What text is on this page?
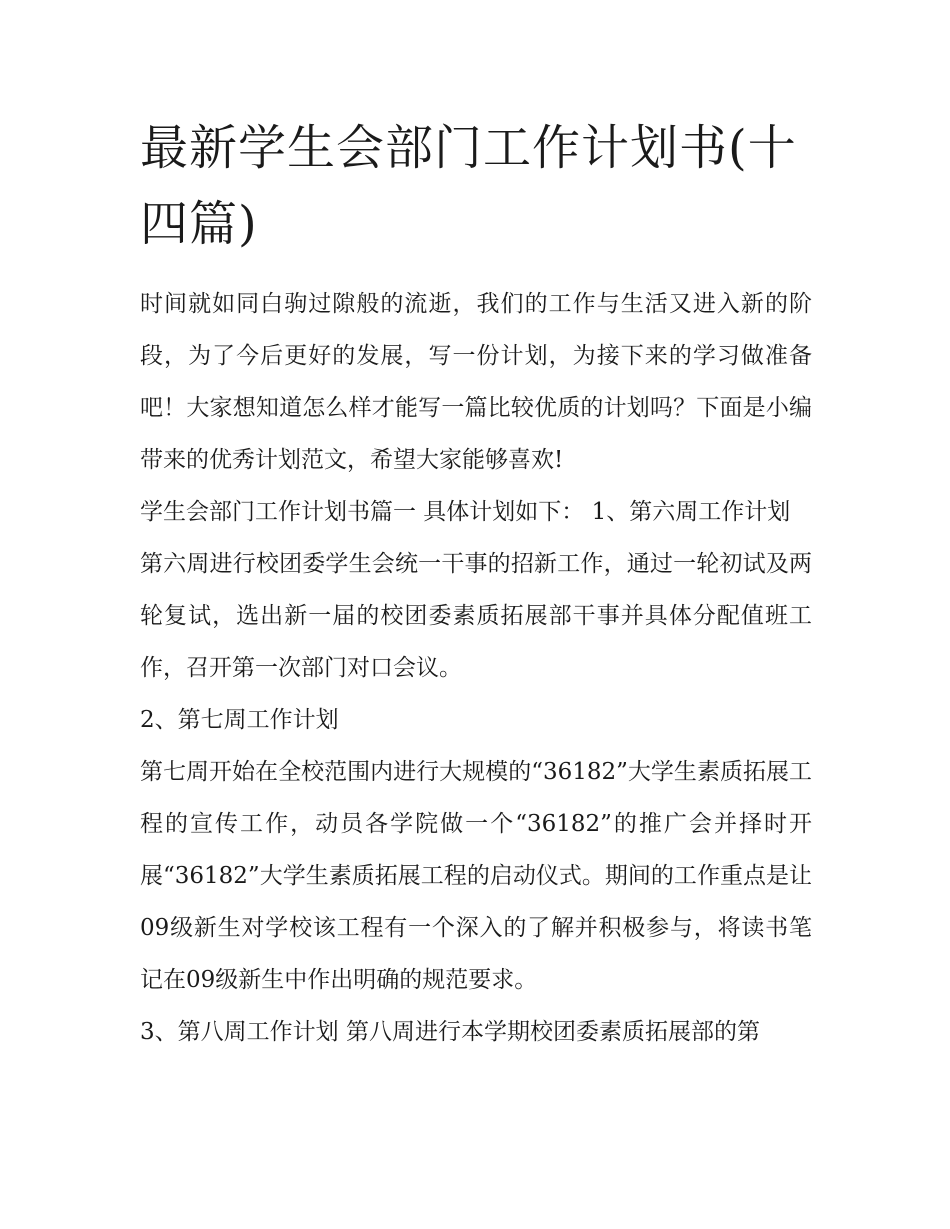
最新学生会部门工作计划书(十四篇)

时间就如同白驹过隙般的流逝，我们的工作与生活又进入新的阶段，为了今后更好的发展，写一份计划，为接下来的学习做准备吧！大家想知道怎么样才能写一篇比较优质的计划吗？下面是小编带来的优秀计划范文，希望大家能够喜欢!

学生会部门工作计划书篇一 具体计划如下： 1、第六周工作计划

第六周进行校团委学生会统一干事的招新工作，通过一轮初试及两轮复试，选出新一届的校团委素质拓展部干事并具体分配值班工作，召开第一次部门对口会议。

2、第七周工作计划

第七周开始在全校范围内进行大规模的“36182”大学生素质拓展工程的宣传工作，动员各学院做一个“36182”的推广会并择时开展“36182”大学生素质拓展工程的启动仪式。期间的工作重点是让09级新生对学校该工程有一个深入的了解并积极参与，将读书笔记在09级新生中作出明确的规范要求。

3、第八周工作计划 第八周进行本学期校团委素质拓展部的第
